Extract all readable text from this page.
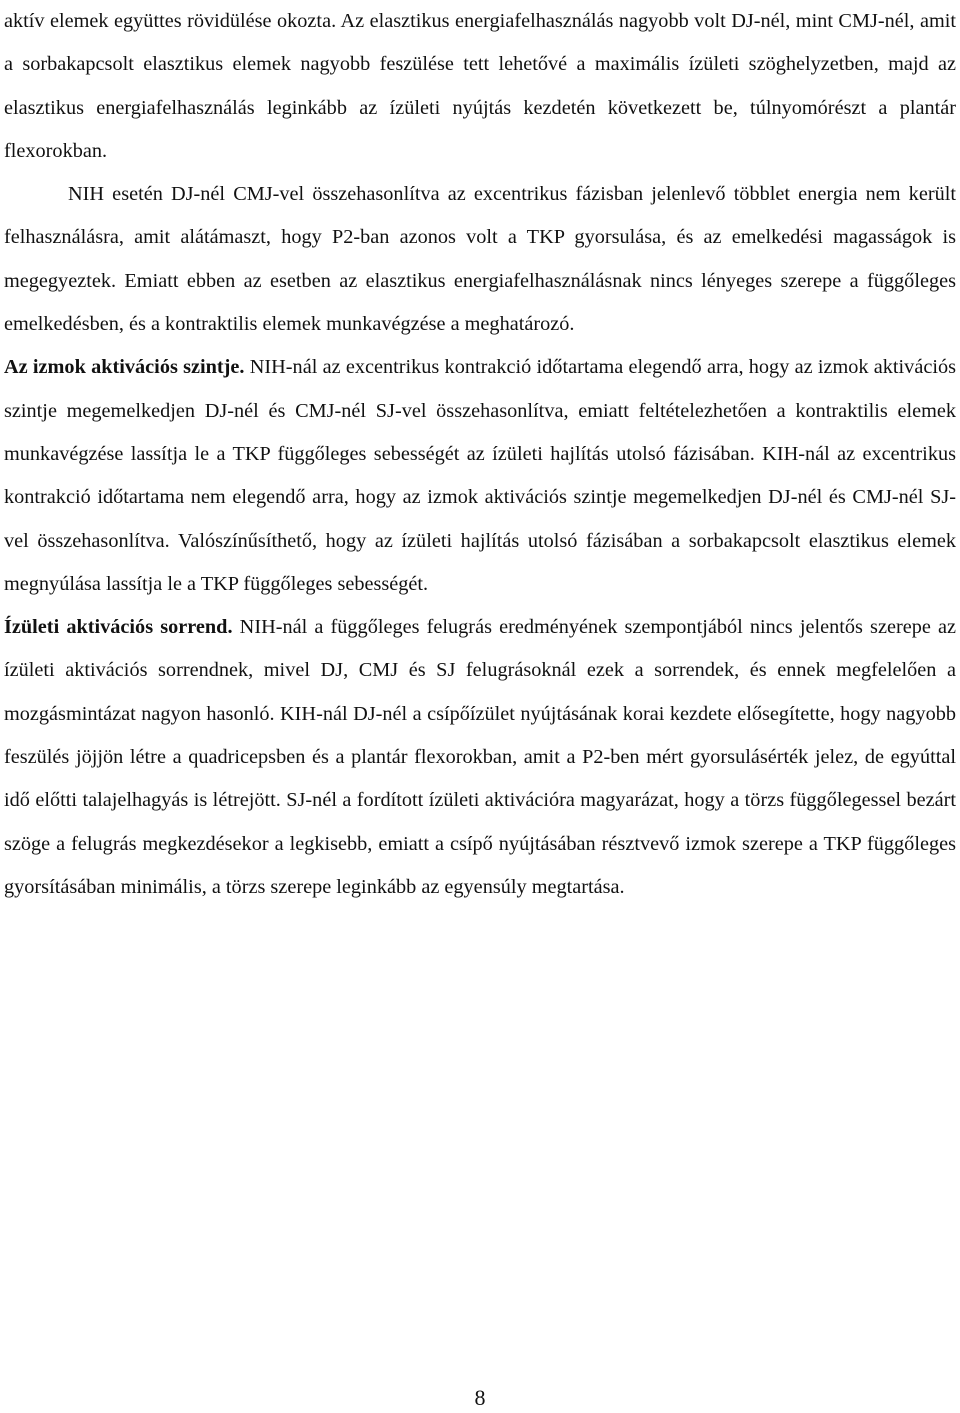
aktív elemek együttes rövidülése okozta. Az elasztikus energiafelhasználás nagyobb volt DJ-nél, mint CMJ-nél, amit a sorbakapcsolt elasztikus elemek nagyobb feszülése tett lehetővé a maximális ízületi szöghelyzetben, majd az elasztikus energiafelhasználás leginkább az ízületi nyújtás kezdetén következett be, túlnyomórészt a plantár flexorokban.

NIH esetén DJ-nél CMJ-vel összehasonlítva az excentrikus fázisban jelenlevő többlet energia nem került felhasználásra, amit alátámaszt, hogy P2-ban azonos volt a TKP gyorsulása, és az emelkedési magasságok is megegyeztek. Emiatt ebben az esetben az elasztikus energiafelhasználásnak nincs lényeges szerepe a függőleges emelkedésben, és a kontraktilis elemek munkavégzése a meghatározó.

Az izmok aktivációs szintje. NIH-nál az excentrikus kontrakció időtartama elegendő arra, hogy az izmok aktivációs szintje megemelkedjen DJ-nél és CMJ-nél SJ-vel összehasonlítva, emiatt feltételezhetően a kontraktilis elemek munkavégzése lassítja le a TKP függőleges sebességét az ízületi hajlítás utolsó fázisában. KIH-nál az excentrikus kontrakció időtartama nem elegendő arra, hogy az izmok aktivációs szintje megemelkedjen DJ-nél és CMJ-nél SJ-vel összehasonlítva. Valószínűsíthető, hogy az ízületi hajlítás utolsó fázisában a sorbakapcsolt elasztikus elemek megnyúlása lassítja le a TKP függőleges sebességét.

Ízületi aktivációs sorrend. NIH-nál a függőleges felugrás eredményének szempontjából nincs jelentős szerepe az ízületi aktivációs sorrendnek, mivel DJ, CMJ és SJ felugrásoknál ezek a sorrendek, és ennek megfelelően a mozgásmintázat nagyon hasonló. KIH-nál DJ-nél a csípőízület nyújtásának korai kezdete elősegítette, hogy nagyobb feszülés jöjjön létre a quadricepsben és a plantár flexorokban, amit a P2-ben mért gyorsulásérték jelez, de egyúttal idő előtti talajelhagyás is létrejött. SJ-nél a fordított ízületi aktivációra magyarázat, hogy a törzs függőlegessel bezárt szöge a felugrás megkezdésekor a legkisebb, emiatt a csípő nyújtásában résztvevő izmok szerepe a TKP függőleges gyorsításában minimális, a törzs szerepe leginkább az egyensúly megtartása.

8
